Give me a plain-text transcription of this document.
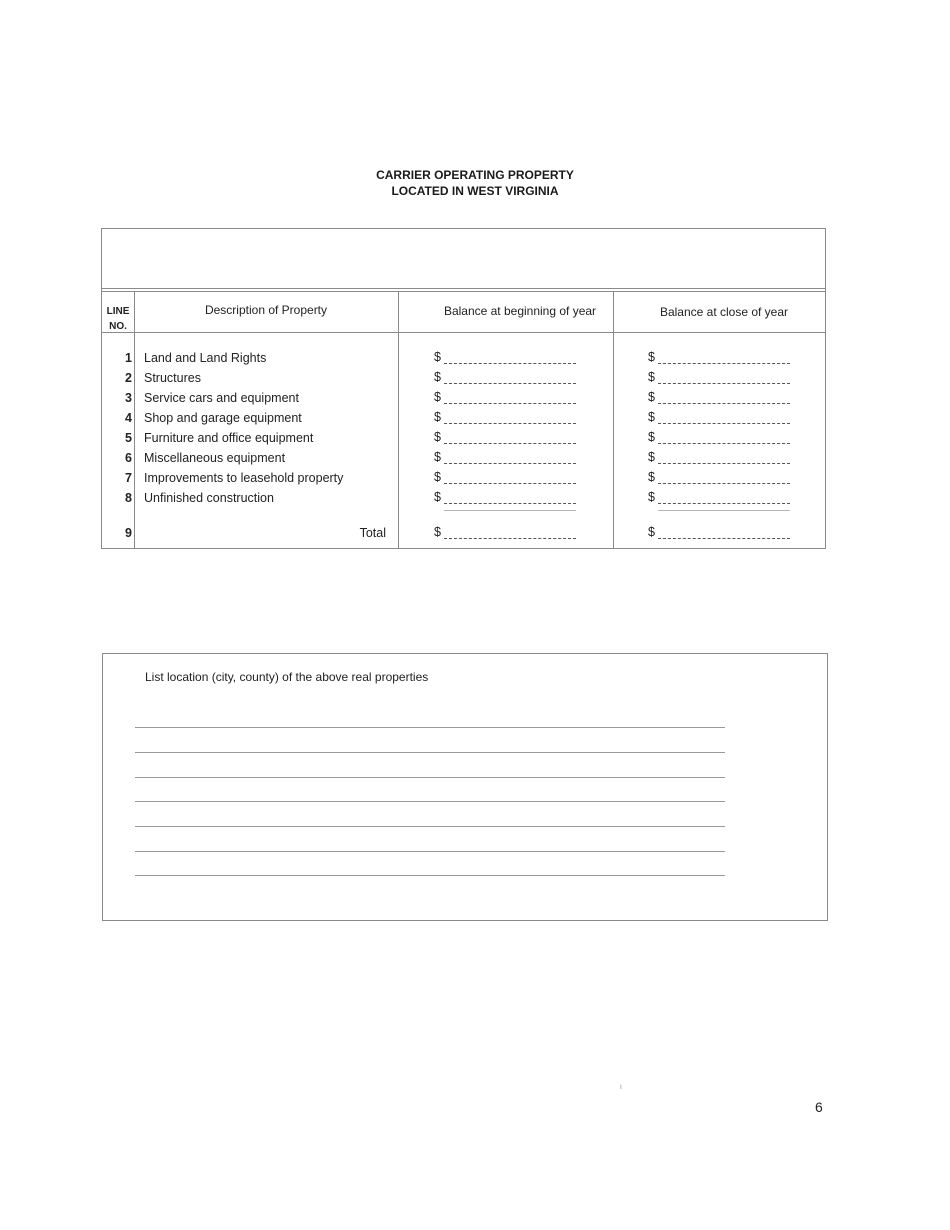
CARRIER OPERATING PROPERTY
LOCATED IN WEST VIRGINIA
LINE
NO.
Description of Property	Balance at beginning of year	Balance at close of year
1 Land and Land Rights	$	$
2 Structures	$	$
3 Service cars and equipment	$	$
4 Shop and garage equipment	$	$
5 Furniture and office equipment	$	$
6 Miscellaneous equipment	$	$
7 Improvements to leasehold property	$	$
8 Unfinished construction	$	$
9	Total	$	$
List location (city, county) of the above real properties
ι
6
